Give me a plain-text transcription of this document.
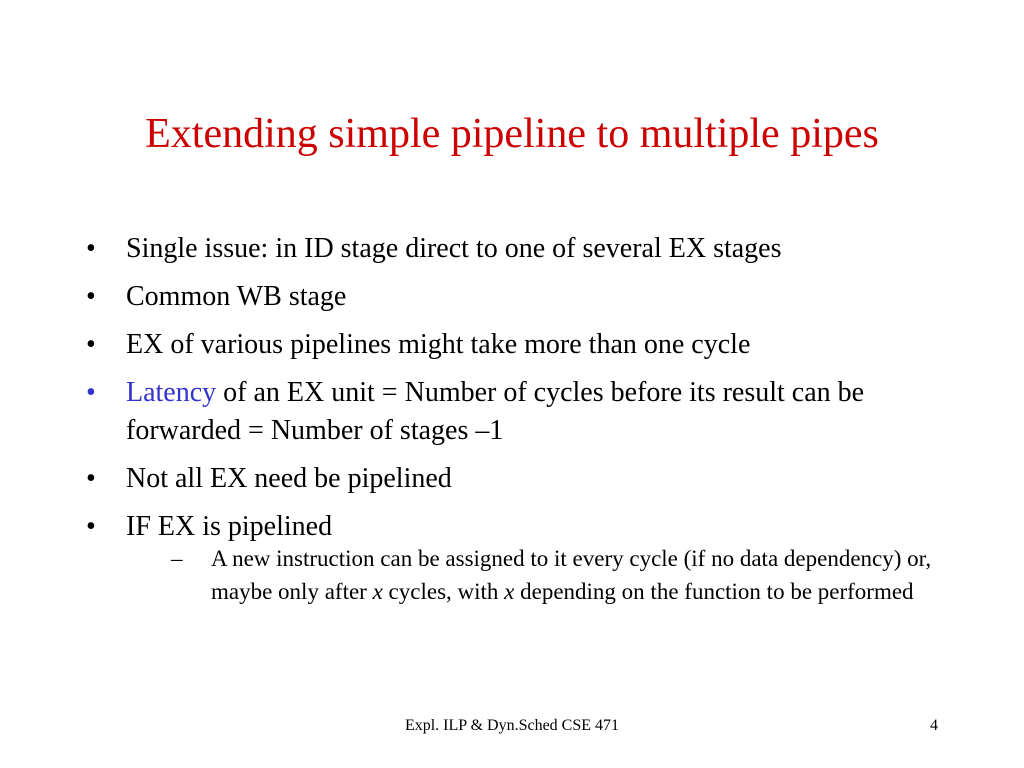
Extending simple pipeline to multiple pipes
•	Single issue: in ID stage direct to one of several EX stages
•	Common WB stage
•	EX of various pipelines might take more than one cycle
•	Latency of an EX unit = Number of cycles before its result can be forwarded = Number of stages –1
•	Not all EX need be pipelined
•	IF EX is pipelined
– A new instruction can be assigned to it every cycle (if no data dependency) or, maybe only after x cycles, with x depending on the function to be performed
Expl. ILP & Dyn.Sched CSE 471	4
